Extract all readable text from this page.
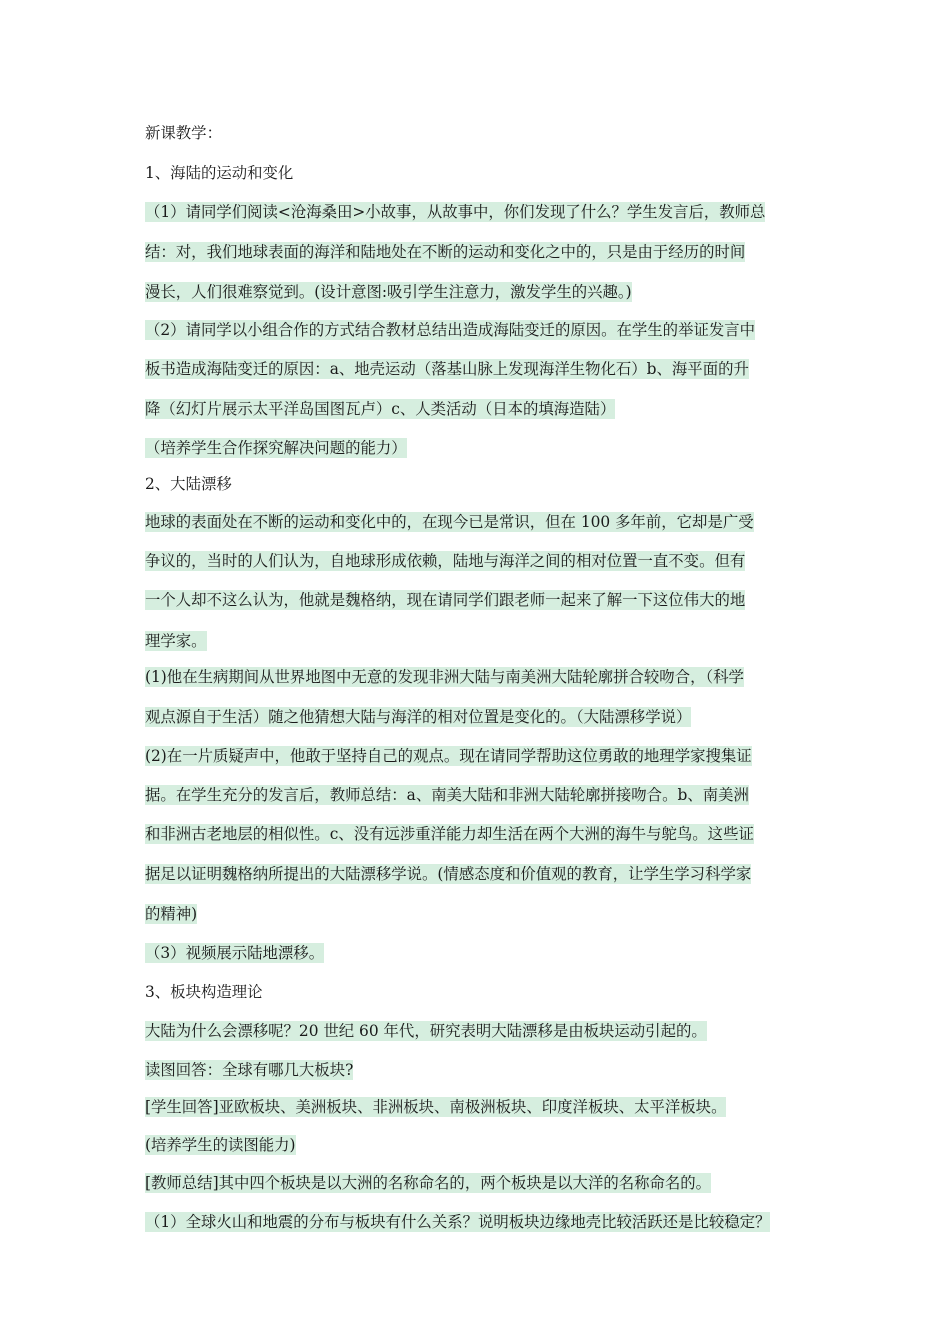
新课教学：
1、海陆的运动和变化
（1）请同学们阅读<沧海桑田>小故事，从故事中，你们发现了什么？学生发言后，教师总
结：对，我们地球表面的海洋和陆地处在不断的运动和变化之中的，只是由于经历的时间
漫长，人们很难察觉到。(设计意图:吸引学生注意力，激发学生的兴趣。)
（2）请同学以小组合作的方式结合教材总结出造成海陆变迁的原因。在学生的举证发言中
板书造成海陆变迁的原因：a、地壳运动（落基山脉上发现海洋生物化石）b、海平面的升
降（幻灯片展示太平洋岛国图瓦卢）c、人类活动（日本的填海造陆）
（培养学生合作探究解决问题的能力）
2、大陆漂移
地球的表面处在不断的运动和变化中的，在现今已是常识，但在 100 多年前，它却是广受
争议的，当时的人们认为，自地球形成依赖，陆地与海洋之间的相对位置一直不变。但有
一个人却不这么认为，他就是魏格纳，现在请同学们跟老师一起来了解一下这位伟大的地
理学家。
(1)他在生病期间从世界地图中无意的发现非洲大陆与南美洲大陆轮廓拼合较吻合，（科学
观点源自于生活）随之他猜想大陆与海洋的相对位置是变化的。（大陆漂移学说）
(2)在一片质疑声中，他敢于坚持自己的观点。现在请同学帮助这位勇敢的地理学家搜集证
据。在学生充分的发言后，教师总结：a、南美大陆和非洲大陆轮廓拼接吻合。b、南美洲
和非洲古老地层的相似性。c、没有远涉重洋能力却生活在两个大洲的海牛与鸵鸟。这些证
据足以证明魏格纳所提出的大陆漂移学说。(情感态度和价值观的教育，让学生学习科学家
的精神)
（3）视频展示陆地漂移。
3、板块构造理论
大陆为什么会漂移呢？20 世纪 60 年代，研究表明大陆漂移是由板块运动引起的。
读图回答：全球有哪几大板块?
[学生回答]亚欧板块、美洲板块、非洲板块、南极洲板块、印度洋板块、太平洋板块。
(培养学生的读图能力)
[教师总结]其中四个板块是以大洲的名称命名的，两个板块是以大洋的名称命名的。
（1）全球火山和地震的分布与板块有什么关系？说明板块边缘地壳比较活跃还是比较稳定？
